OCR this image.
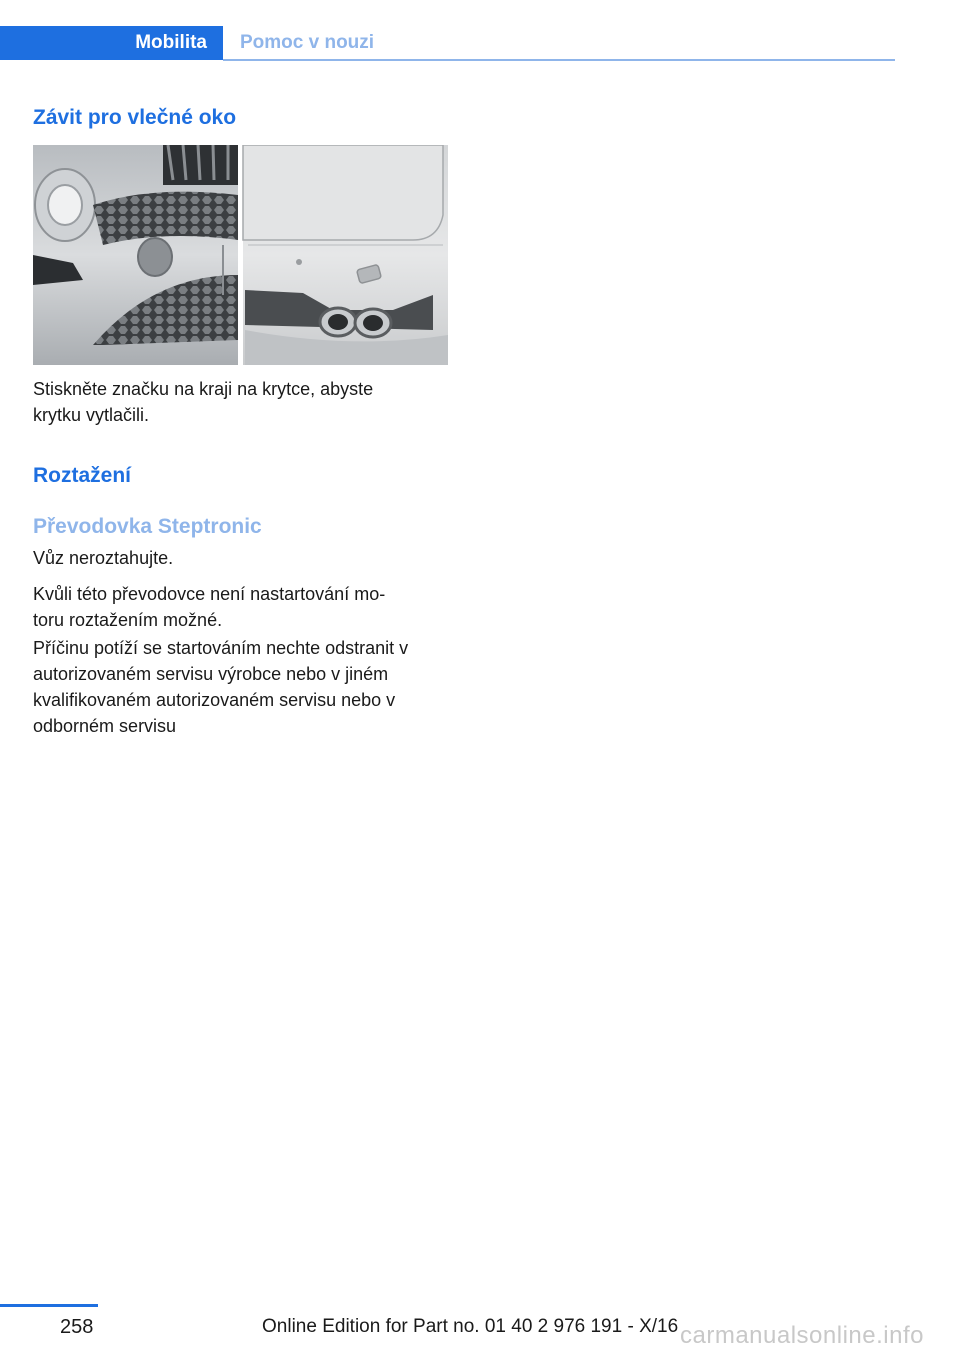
Mobilita	Pomoc v nouzi
Závit pro vlečné oko

Stiskněte značku na kraji na krytce, abyste

krytku vytlačili.

Roztažení
Převodovka Steptronic

Vůz neroztahujte.

Kvůli této převodovce není nastartování mo-

toru roztažením možné.

Příčinu potíží se startováním nechte odstranit v

autorizovaném servisu výrobce nebo v jiném

kvalifikovaném autorizovaném servisu nebo v

odborném servisu

258	Online Edition for Part no. 01 40 2 976 191 - X/16 carmanualsonline.info
